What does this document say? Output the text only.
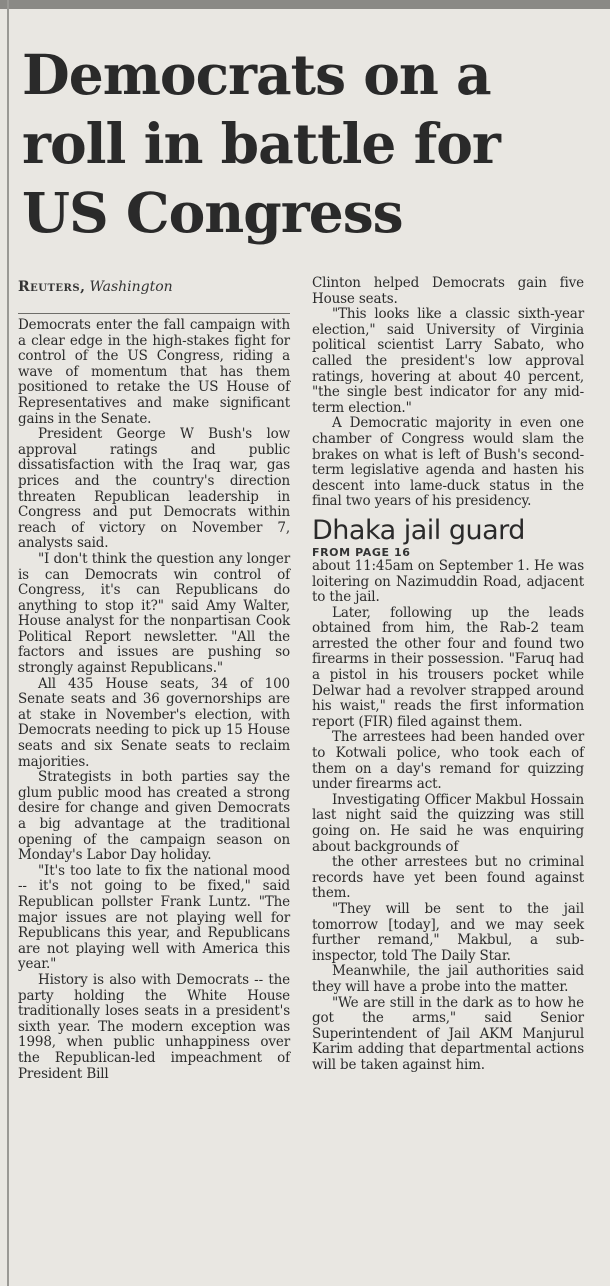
Democrats on a roll in battle for US Congress
Reuters, Washington

Democrats enter the fall campaign with a clear edge in the high-stakes fight for control of the US Congress, riding a wave of momentum that has them positioned to retake the US House of Representatives and make significant gains in the Senate.

President George W Bush's low approval ratings and public dissatisfaction with the Iraq war, gas prices and the country's direction threaten Republican leadership in Congress and put Democrats within reach of victory on November 7, analysts said.

"I don't think the question any longer is can Democrats win control of Congress, it's can Republicans do anything to stop it?" said Amy Walter, House analyst for the nonpartisan Cook Political Report newsletter. "All the factors and issues are pushing so strongly against Republicans."

All 435 House seats, 34 of 100 Senate seats and 36 governorships are at stake in November's election, with Democrats needing to pick up 15 House seats and six Senate seats to reclaim majorities.

Strategists in both parties say the glum public mood has created a strong desire for change and given Democrats a big advantage at the traditional opening of the campaign season on Monday's Labor Day holiday.

"It's too late to fix the national mood -- it's not going to be fixed," said Republican pollster Frank Luntz. "The major issues are not playing well for Republicans this year, and Republicans are not playing well with America this year."

History is also with Democrats -- the party holding the White House traditionally loses seats in a president's sixth year. The modern exception was 1998, when public unhappiness over the Republican-led impeachment of President Bill

Clinton helped Democrats gain five House seats.

"This looks like a classic sixth-year election," said University of Virginia political scientist Larry Sabato, who called the president's low approval ratings, hovering at about 40 percent, "the single best indicator for any mid-term election."

A Democratic majority in even one chamber of Congress would slam the brakes on what is left of Bush's second-term legislative agenda and hasten his descent into lame-duck status in the final two years of his presidency.

Dhaka jail guard
FROM PAGE 16

about 11:45am on September 1. He was loitering on Nazimuddin Road, adjacent to the jail.

Later, following up the leads obtained from him, the Rab-2 team arrested the other four and found two firearms in their possession. "Faruq had a pistol in his trousers pocket while Delwar had a revolver strapped around his waist," reads the first information report (FIR) filed against them.

The arrestees had been handed over to Kotwali police, who took each of them on a day's remand for quizzing under firearms act.

Investigating Officer Makbul Hossain last night said the quizzing was still going on. He said he was enquiring about backgrounds of

the other arrestees but no criminal records have yet been found against them.

"They will be sent to the jail tomorrow [today], and we may seek further remand," Makbul, a sub-inspector, told The Daily Star.

Meanwhile, the jail authorities said they will have a probe into the matter.

"We are still in the dark as to how he got the arms," said Senior Superintendent of Jail AKM Manjurul Karim adding that departmental actions will be taken against him.
